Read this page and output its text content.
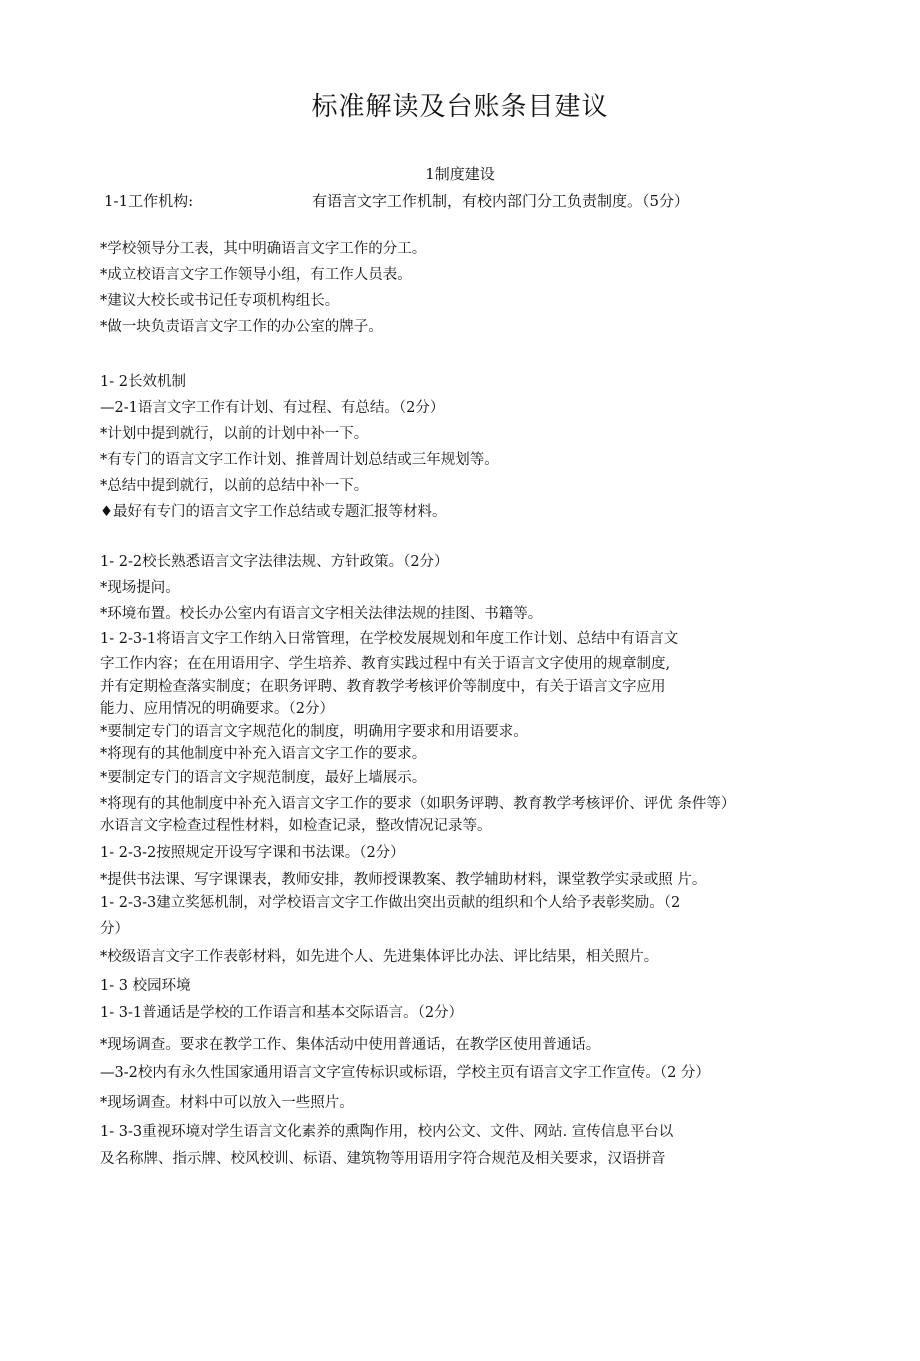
标准解读及台账条目建议
1制度建设
1-1工作机构:	有语言文字工作机制，有校内部门分工负责制度。（5分）
*学校领导分工表，其中明确语言文字工作的分工。
*成立校语言文字工作领导小组，有工作人员表。
*建议大校长或书记任专项机构组长。
*做一块负责语言文字工作的办公室的牌子。
1- 2长效机制
—2-1语言文字工作有计划、有过程、有总结。（2分）
*计划中提到就行，以前的计划中补一下。
*有专门的语言文字工作计划、推普周计划总结或三年规划等。
*总结中提到就行，以前的总结中补一下。
♦最好有专门的语言文字工作总结或专题汇报等材料。
1- 2-2校长熟悉语言文字法律法规、方针政策。（2分）
*现场提问。
*环境布置。校长办公室内有语言文字相关法律法规的挂图、书籍等。
1- 2-3-1将语言文字工作纳入日常管理，在学校发展规划和年度工作计划、总结中有语言文
字工作内容；在在用语用字、学生培养、教育实践过程中有关于语言文字使用的规章制度,
并有定期检查落实制度；在职务评聘、教育教学考核评价等制度中，有关于语言文字应用
能力、应用情况的明确要求。（2分）
*要制定专门的语言文字规范化的制度，明确用字要求和用语要求。
*将现有的其他制度中补充入语言文字工作的要求。
*要制定专门的语言文字规范制度，最好上墙展示。
*将现有的其他制度中补充入语言文字工作的要求（如职务评聘、教育教学考核评价、评优 条件等）
水语言文字检查过程性材料，如检查记录，整改情况记录等。
1- 2-3-2按照规定开设写字课和书法课。（2分）
*提供书法课、写字课课表，教师安排，教师授课教案、教学辅助材料，课堂教学实录或照 片。
1- 2-3-3建立奖惩机制，对学校语言文字工作做出突出贡献的组织和个人给予表彰奖励。（2
分）
*校级语言文字工作表彰材料，如先进个人、先进集体评比办法、评比结果，相关照片。
1- 3 校园环境
1- 3-1普通话是学校的工作语言和基本交际语言。（2分）
*现场调查。要求在教学工作、集体活动中使用普通话，在教学区使用普通话。
—3-2校内有永久性国家通用语言文字宣传标识或标语，学校主页有语言文字工作宣传。（2 分）
*现场调查。材料中可以放入一些照片。
1- 3-3重视环境对学生语言文化素养的熏陶作用，校内公文、文件、网站. 宣传信息平台以
及名称牌、指示牌、校风校训、标语、建筑物等用语用字符合规范及相关要求，汉语拼音
